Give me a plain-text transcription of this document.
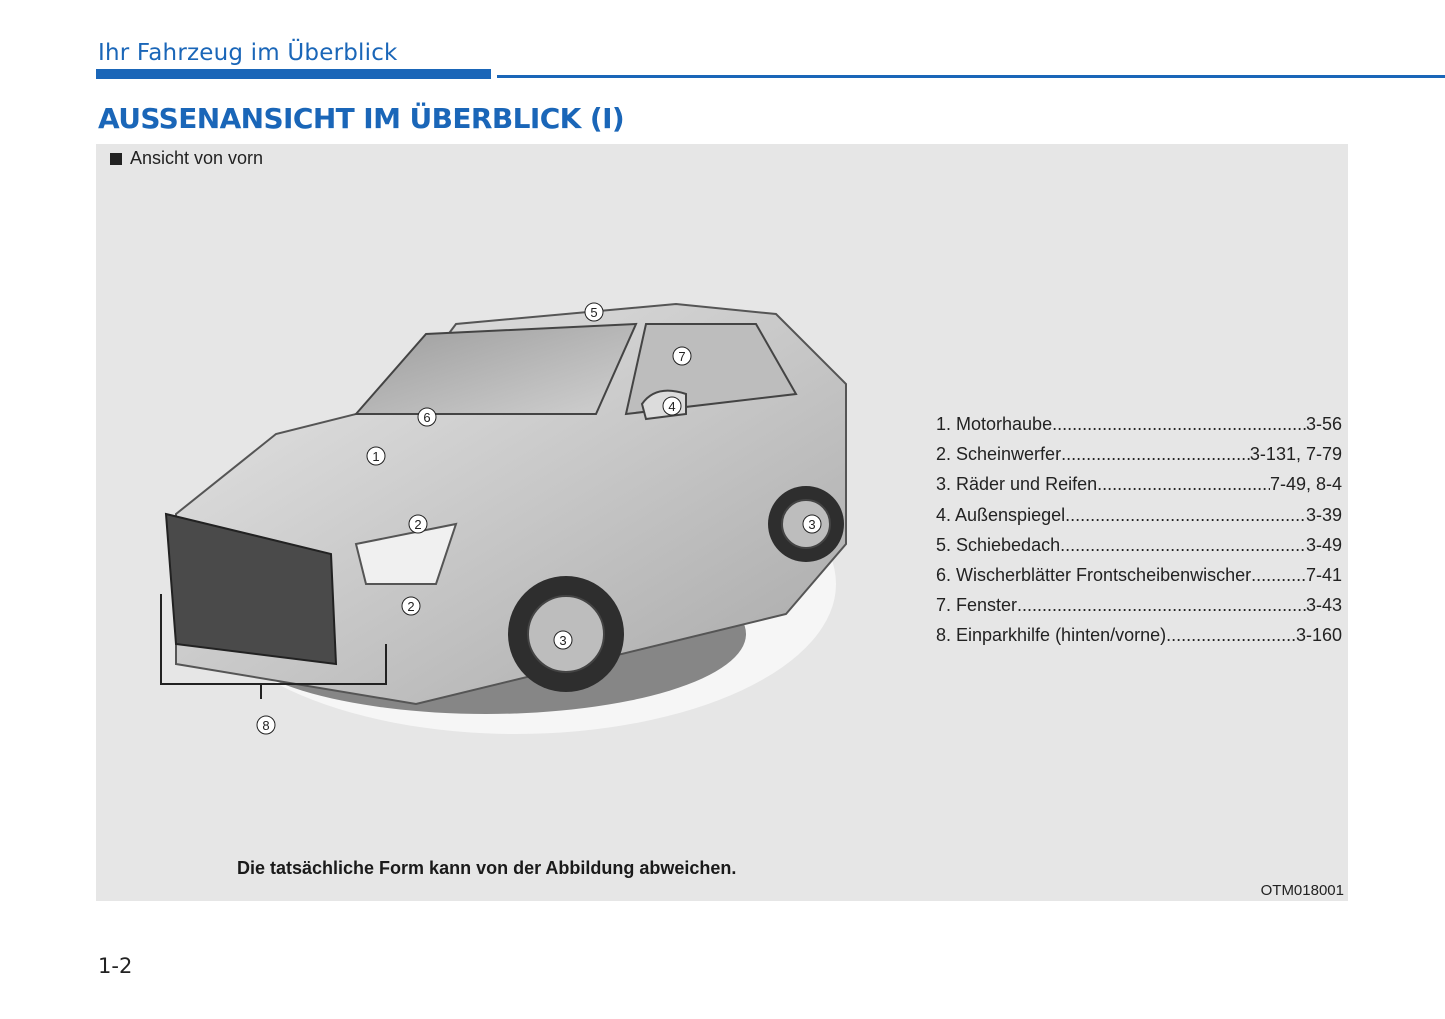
Ihr Fahrzeug im Überblick
AUSSENANSICHT IM ÜBERBLICK (I)
Ansicht von vorn
1
2
2
3
3
4
5
6
7
8
1. Motorhaube .....	3-56
2. Scheinwerfer .....	3-131, 7-79
3. Räder und Reifen .....	7-49, 8-4
4. Außenspiegel .....	3-39
5. Schiebedach .....	3-49
6. Wischerblätter Frontscheibenwischer .....	7-41
7. Fenster .....	3-43
8. Einparkhilfe (hinten/vorne) .....	3-160
Die tatsächliche Form kann von der Abbildung abweichen.
OTM018001
1-2
